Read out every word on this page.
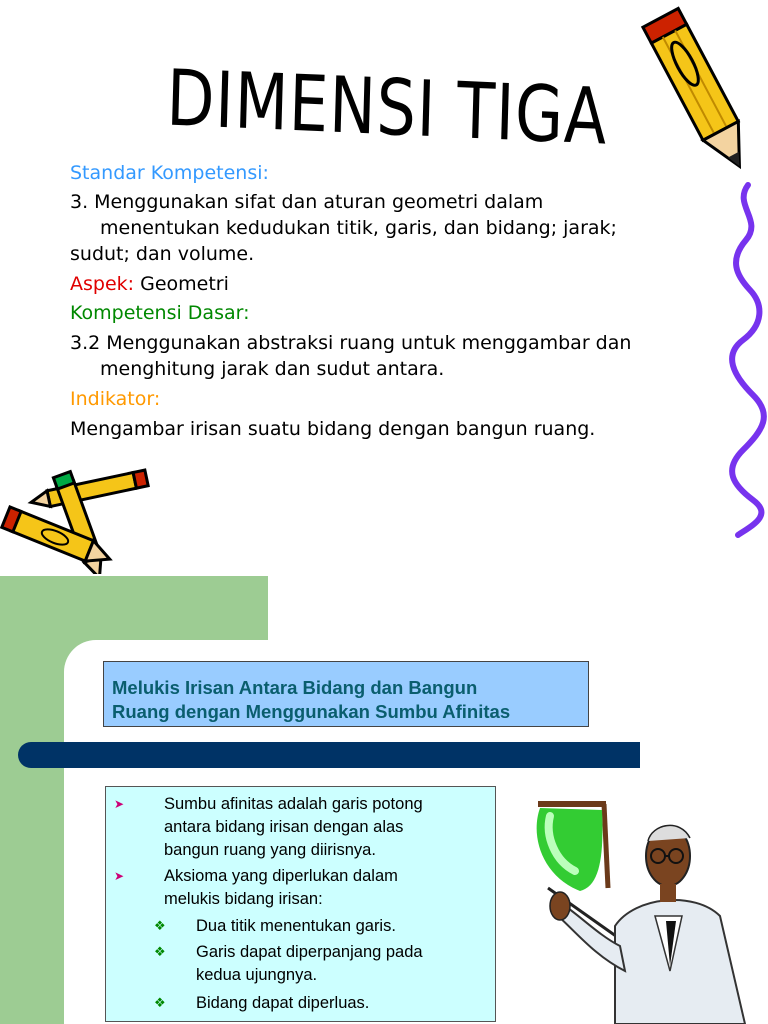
DIMENSI TIGA
Standar Kompetensi:
3. Menggunakan sifat dan aturan geometri dalam
menentukan kedudukan titik, garis, dan bidang; jarak;
sudut; dan volume.
Aspek: Geometri
Kompetensi Dasar:
3.2 Menggunakan abstraksi ruang untuk menggambar dan
menghitung jarak dan sudut antara.
Indikator:
Mengambar irisan suatu bidang dengan bangun ruang.
Melukis Irisan Antara Bidang dan Bangun
Ruang dengan Menggunakan Sumbu Afinitas
➤ Sumbu afinitas adalah garis potong
antara bidang irisan dengan alas
bangun ruang yang diirisnya.
➤ Aksioma yang diperlukan dalam
melukis bidang irisan:
❖ Dua titik menentukan garis.
❖ Garis dapat diperpanjang pada
kedua ujungnya.
❖ Bidang dapat diperluas.
